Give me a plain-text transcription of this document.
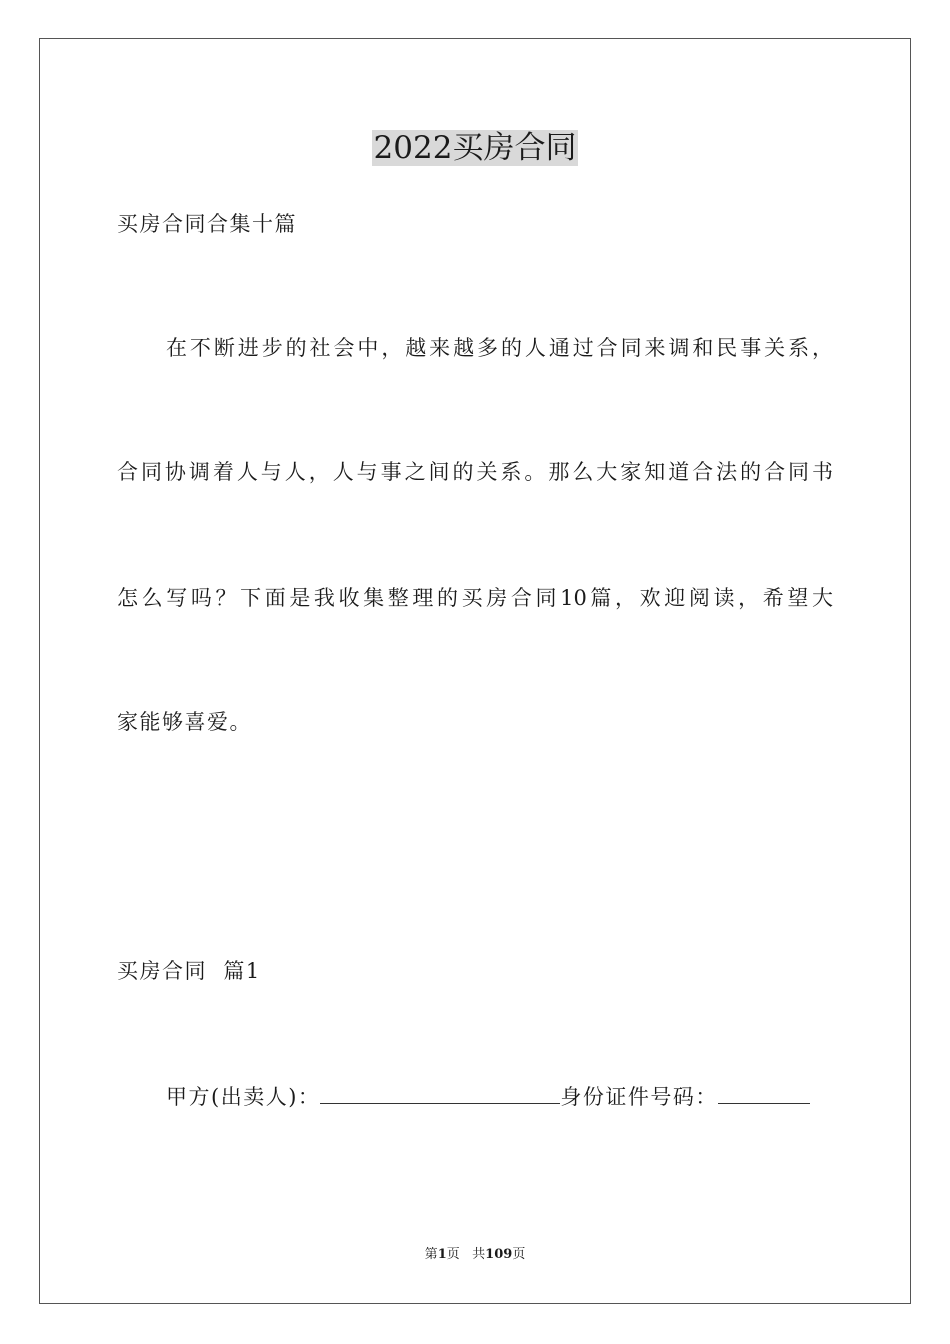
2022买房合同
买房合同合集十篇
在不断进步的社会中，越来越多的人通过合同来调和民事关系，
合同协调着人与人，人与事之间的关系。那么大家知道合法的合同书
怎么写吗？下面是我收集整理的买房合同10篇，欢迎阅读，希望大
家能够喜爱。
买房合同  篇1
甲方(出卖人)：	身份证件号码：
第1页 共109页
